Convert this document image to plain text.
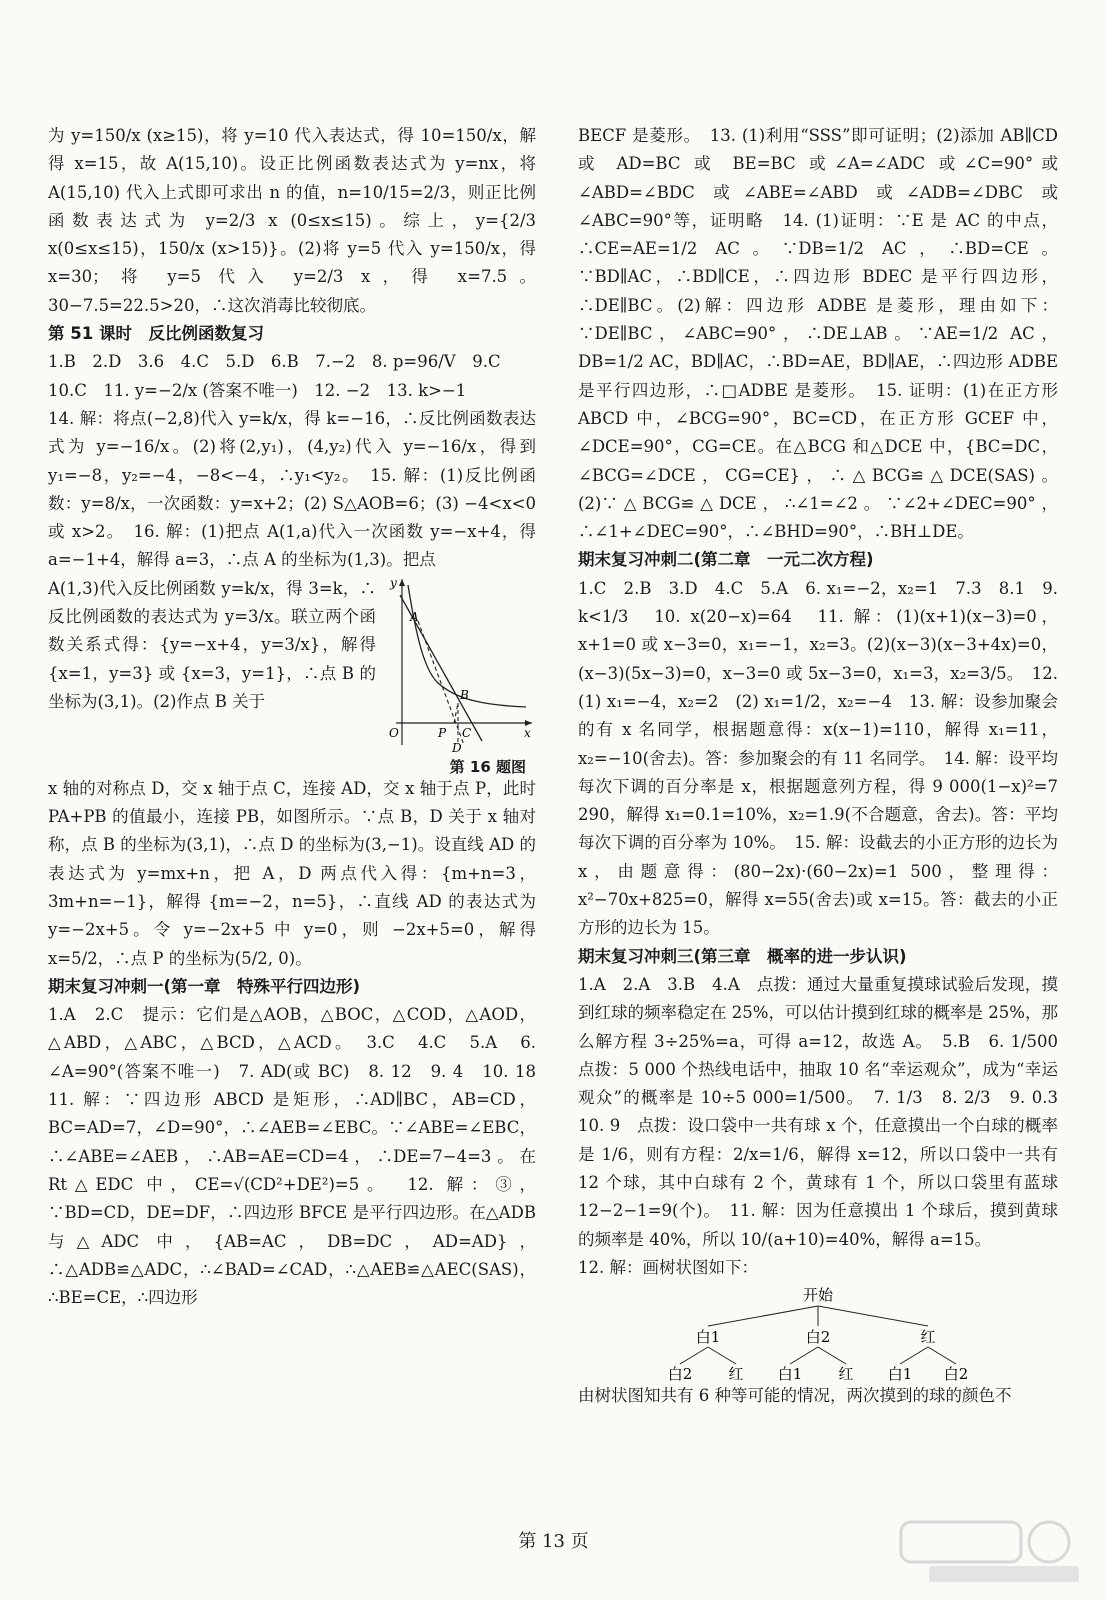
为 y=150/x (x≥15)，将 y=10 代入表达式，得 10=150/x，解得 x=15，故 A(15,10)。设正比例函数表达式为 y=nx，将 A(15,10) 代入上式即可求出 n 的值，n=10/15=2/3，则正比例函数表达式为 y=2/3 x (0≤x≤15)。综上，y={2/3 x(0≤x≤15)，150/x (x>15)}。(2)将 y=5 代入 y=150/x，得 x=30；将 y=5 代入 y=2/3 x，得 x=7.5。30−7.5=22.5>20，∴这次消毒比较彻底。

第 51 课时　反比例函数复习

1.B　2.D　3.6　4.C　5.D　6.B　7.−2　8. p=96/V　9.C

10.C　11. y=−2/x (答案不唯一)　12. −2　13. k>−1

14. 解：将点(−2,8)代入 y=k/x，得 k=−16，∴反比例函数表达式为 y=−16/x。(2)将(2,y₁)，(4,y₂)代入 y=−16/x，得到 y₁=−8，y₂=−4，−8<−4，∴y₁<y₂。　15. 解：(1)反比例函数：y=8/x，一次函数：y=x+2；(2) S△AOB=6；(3) −4<x<0 或 x>2。　16. 解：(1)把点 A(1,a)代入一次函数 y=−x+4，得 a=−1+4，解得 a=3，∴点 A 的坐标为(1,3)。把点

A(1,3)代入反比例函数 y=k/x，得 3=k，∴反比例函数的表达式为 y=3/x。联立两个函数关系式得：{y=−x+4，y=3/x}，解得 {x=1，y=3} 或 {x=3，y=1}，∴点 B 的坐标为(3,1)。(2)作点 B 关于

y
x
O
A
B
P C
D
第 16 题图

x 轴的对称点 D，交 x 轴于点 C，连接 AD，交 x 轴于点 P，此时 PA+PB 的值最小，连接 PB，如图所示。∵点 B，D 关于 x 轴对称，点 B 的坐标为(3,1)，∴点 D 的坐标为(3,−1)。设直线 AD 的表达式为 y=mx+n，把 A，D 两点代入得：{m+n=3，3m+n=−1}，解得 {m=−2，n=5}，∴直线 AD 的表达式为 y=−2x+5。令 y=−2x+5 中 y=0，则 −2x+5=0，解得 x=5/2，∴点 P 的坐标为(5/2, 0)。

期末复习冲刺一(第一章　特殊平行四边形)

1.A　2.C　提示：它们是△AOB，△BOC，△COD，△AOD，△ABD，△ABC，△BCD，△ACD。　3.C　4.C　5.A　6. ∠A=90°(答案不唯一)　7. AD(或 BC)　8. 12　9. 4　10. 18　11. 解：∵四边形 ABCD 是矩形，∴AD∥BC，AB=CD，BC=AD=7，∠D=90°，∴∠AEB=∠EBC。∵∠ABE=∠EBC，∴∠ABE=∠AEB，∴AB=AE=CD=4，∴DE=7−4=3。在 Rt△EDC 中，CE=√(CD²+DE²)=5。　12. 解：③，∵BD=CD，DE=DF，∴四边形 BFCE 是平行四边形。在△ADB 与△ADC 中，{AB=AC，DB=DC，AD=AD}，∴△ADB≌△ADC，∴∠BAD=∠CAD，∴△AEB≌△AEC(SAS)，∴BE=CE，∴四边形

BECF 是菱形。　13. (1)利用“SSS”即可证明；(2)添加 AB∥CD 或 AD=BC 或 BE=BC 或∠A=∠ADC 或∠C=90°或∠ABD=∠BDC 或∠ABE=∠ABD 或∠ADB=∠DBC 或∠ABC=90°等，证明略　14. (1)证明：∵E 是 AC 的中点，∴CE=AE=1/2 AC。∵DB=1/2 AC，∴BD=CE。∵BD∥AC，∴BD∥CE，∴四边形 BDEC 是平行四边形，∴DE∥BC。(2)解：四边形 ADBE 是菱形，理由如下：∵DE∥BC，∠ABC=90°，∴DE⊥AB。∵AE=1/2 AC，DB=1/2 AC，BD∥AC，∴BD=AE，BD∥AE，∴四边形 ADBE 是平行四边形，∴□ADBE 是菱形。　15. 证明：(1)在正方形 ABCD 中，∠BCG=90°，BC=CD，在正方形 GCEF 中，∠DCE=90°，CG=CE。在△BCG 和△DCE 中，{BC=DC，∠BCG=∠DCE，CG=CE}，∴△BCG≌△DCE(SAS)。(2)∵△BCG≌△DCE，∴∠1=∠2。∵∠2+∠DEC=90°，∴∠1+∠DEC=90°，∴∠BHD=90°，∴BH⊥DE。

期末复习冲刺二(第二章　一元二次方程)

1.C　2.B　3.D　4.C　5.A　6. x₁=−2，x₂=1　7.3　8.1　9. k<1/3　10. x(20−x)=64　11. 解：(1)(x+1)(x−3)=0，x+1=0 或 x−3=0，x₁=−1，x₂=3。(2)(x−3)(x−3+4x)=0，(x−3)(5x−3)=0，x−3=0 或 5x−3=0，x₁=3，x₂=3/5。　12. (1) x₁=−4，x₂=2　(2) x₁=1/2，x₂=−4　13. 解：设参加聚会的有 x 名同学，根据题意得：x(x−1)=110，解得 x₁=11，x₂=−10(舍去)。答：参加聚会的有 11 名同学。　14. 解：设平均每次下调的百分率是 x，根据题意列方程，得 9 000(1−x)²=7 290，解得 x₁=0.1=10%，x₂=1.9(不合题意，舍去)。答：平均每次下调的百分率为 10%。　15. 解：设截去的小正方形的边长为 x，由题意得：(80−2x)·(60−2x)=1 500，整理得：x²−70x+825=0，解得 x=55(舍去)或 x=15。答：截去的小正方形的边长为 15。

期末复习冲刺三(第三章　概率的进一步认识)

1.A　2.A　3.B　4.A　点拨：通过大量重复摸球试验后发现，摸到红球的频率稳定在 25%，可以估计摸到红球的概率是 25%，那么解方程 3÷25%=a，可得 a=12，故选 A。　5.B　6. 1/500　点拨：5 000 个热线电话中，抽取 10 名“幸运观众”，成为“幸运观众”的概率是 10÷5 000=1/500。　7. 1/3　8. 2/3　9. 0.3　10. 9　点拨：设口袋中一共有球 x 个，任意摸出一个白球的概率是 1/6，则有方程：2/x=1/6，解得 x=12，所以口袋中一共有 12 个球，其中白球有 2 个，黄球有 1 个，所以口袋里有蓝球 12−2−1=9(个)。　11. 解：因为任意摸出 1 个球后，摸到黄球的频率是 40%，所以 10/(a+10)=40%，解得 a=15。

12. 解：画树状图如下：

开始
白1	白2	红
白2 红 白1 红 白1 白2

由树状图知共有 6 种等可能的情况，两次摸到的球的颜色不

第 13 页
